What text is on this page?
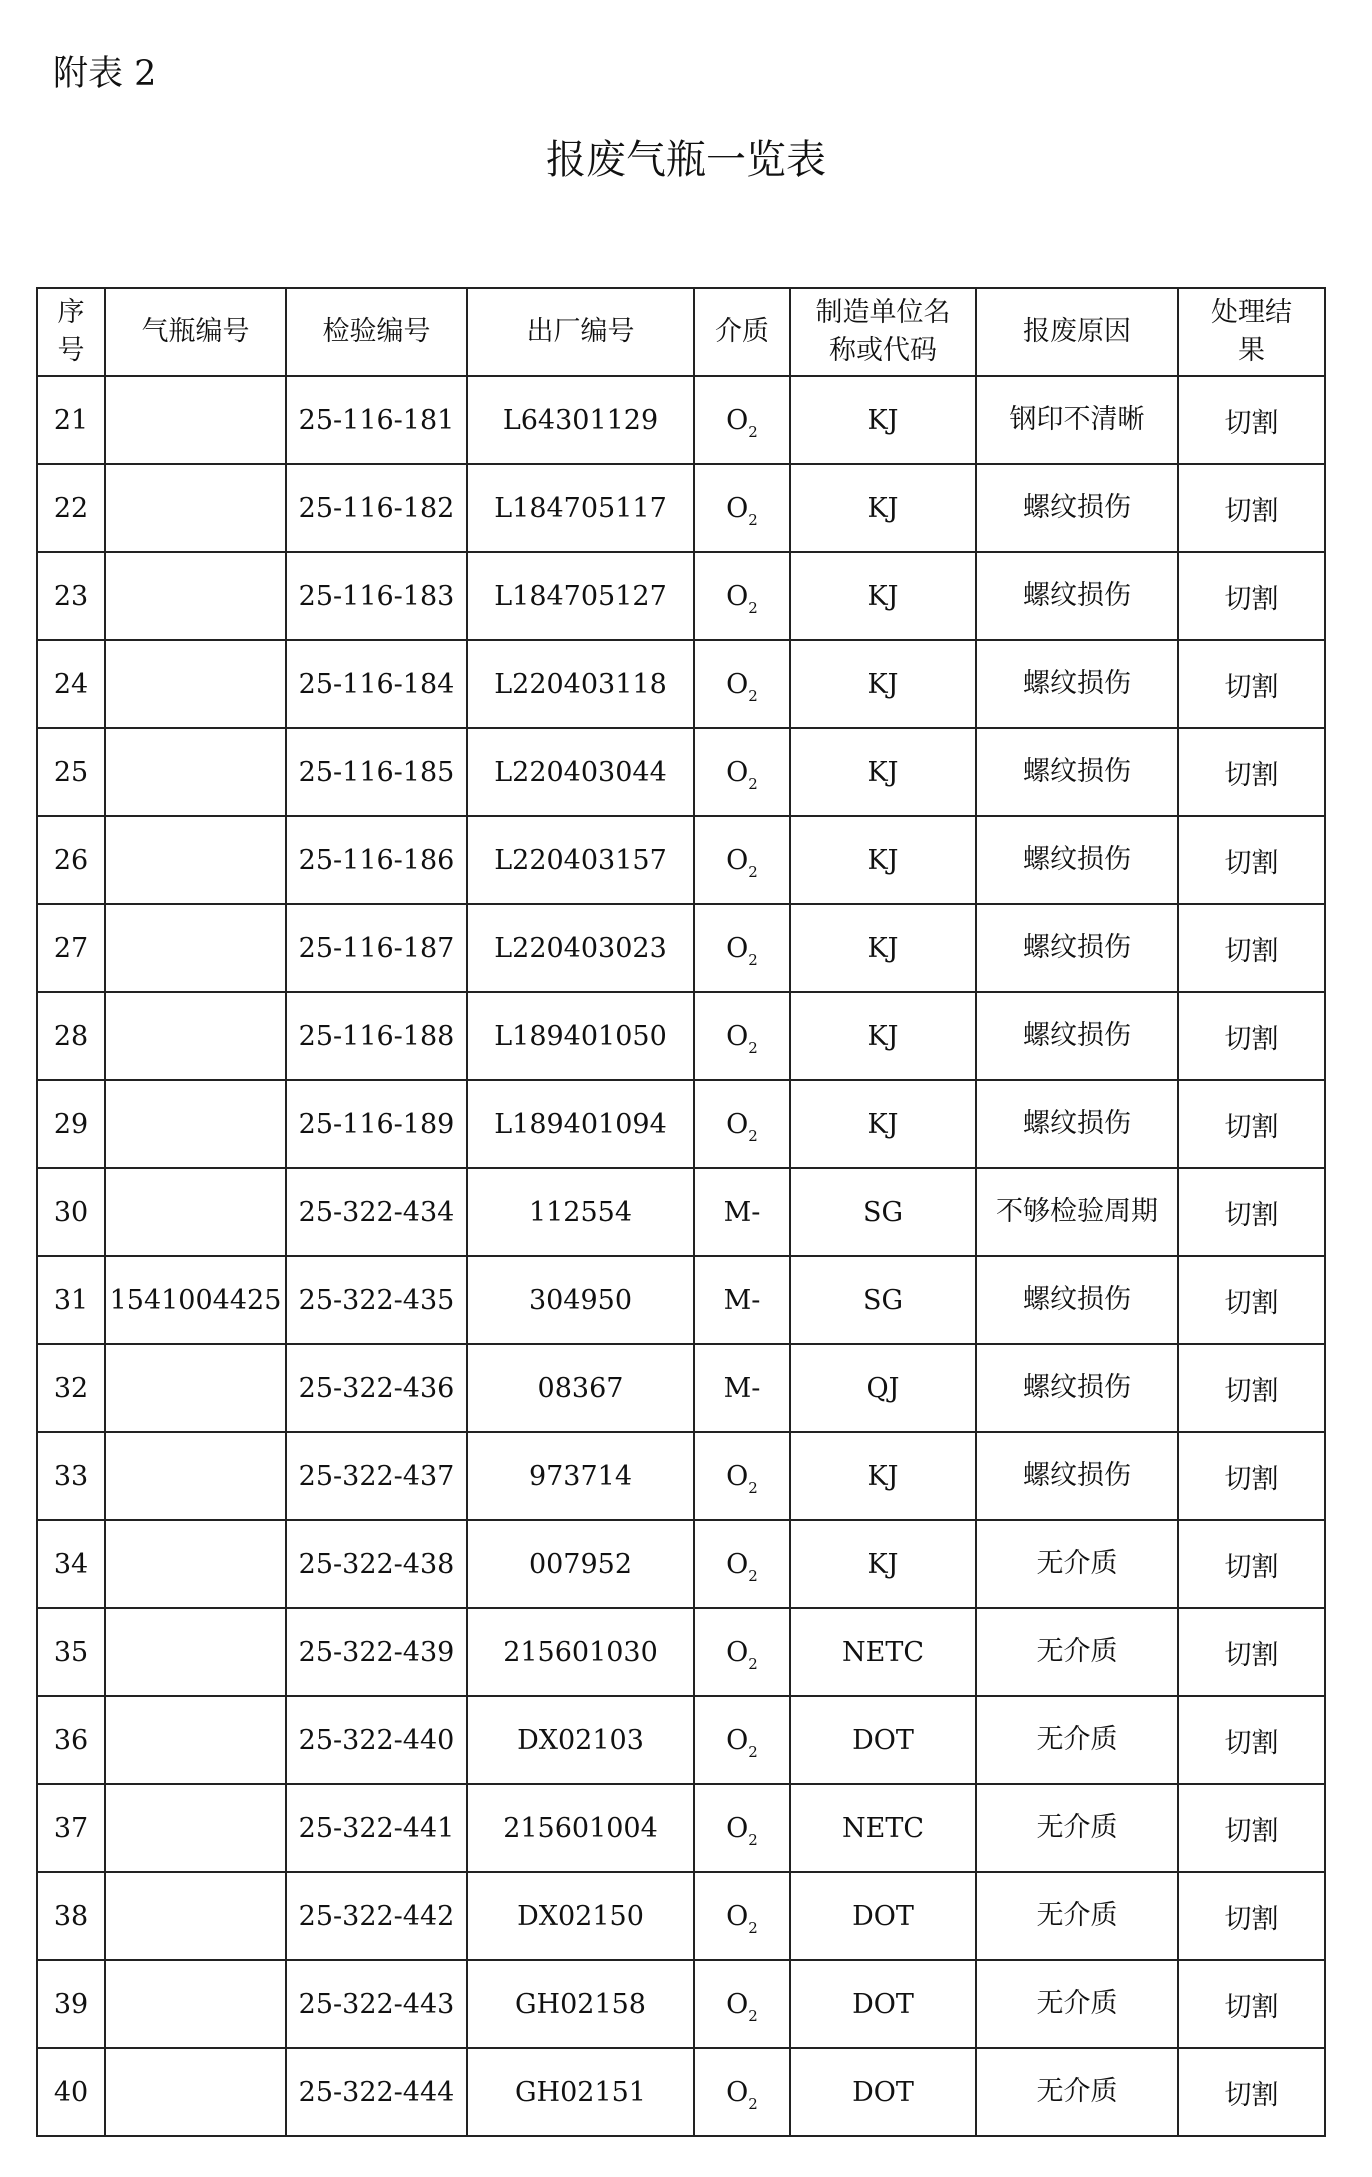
附表 2
报废气瓶一览表
序号	气瓶编号	检验编号	出厂编号	介质	制造单位名称或代码	报废原因	处理结果
21		25-116-181	L64301129	$O_2$	KJ	钢印不清晰	切割
22		25-116-182	L184705117	$O_2$	KJ	螺纹损伤	切割
23		25-116-183	L184705127	$O_2$	KJ	螺纹损伤	切割
24		25-116-184	L220403118	$O_2$	KJ	螺纹损伤	切割
25		25-116-185	L220403044	$O_2$	KJ	螺纹损伤	切割
26		25-116-186	L220403157	$O_2$	KJ	螺纹损伤	切割
27		25-116-187	L220403023	$O_2$	KJ	螺纹损伤	切割
28		25-116-188	L189401050	$O_2$	KJ	螺纹损伤	切割
29		25-116-189	L189401094	$O_2$	KJ	螺纹损伤	切割
30		25-322-434	112554	M-	SG	不够检验周期	切割
31	1541004425	25-322-435	304950	M-	SG	螺纹损伤	切割
32		25-322-436	08367	M-	QJ	螺纹损伤	切割
33		25-322-437	973714	$O_2$	KJ	螺纹损伤	切割
34		25-322-438	007952	$O_2$	KJ	无介质	切割
35		25-322-439	215601030	$O_2$	NETC	无介质	切割
36		25-322-440	DX02103	$O_2$	DOT	无介质	切割
37		25-322-441	215601004	$O_2$	NETC	无介质	切割
38		25-322-442	DX02150	$O_2$	DOT	无介质	切割
39		25-322-443	GH02158	$O_2$	DOT	无介质	切割
40		25-322-444	GH02151	$O_2$	DOT	无介质	切割
